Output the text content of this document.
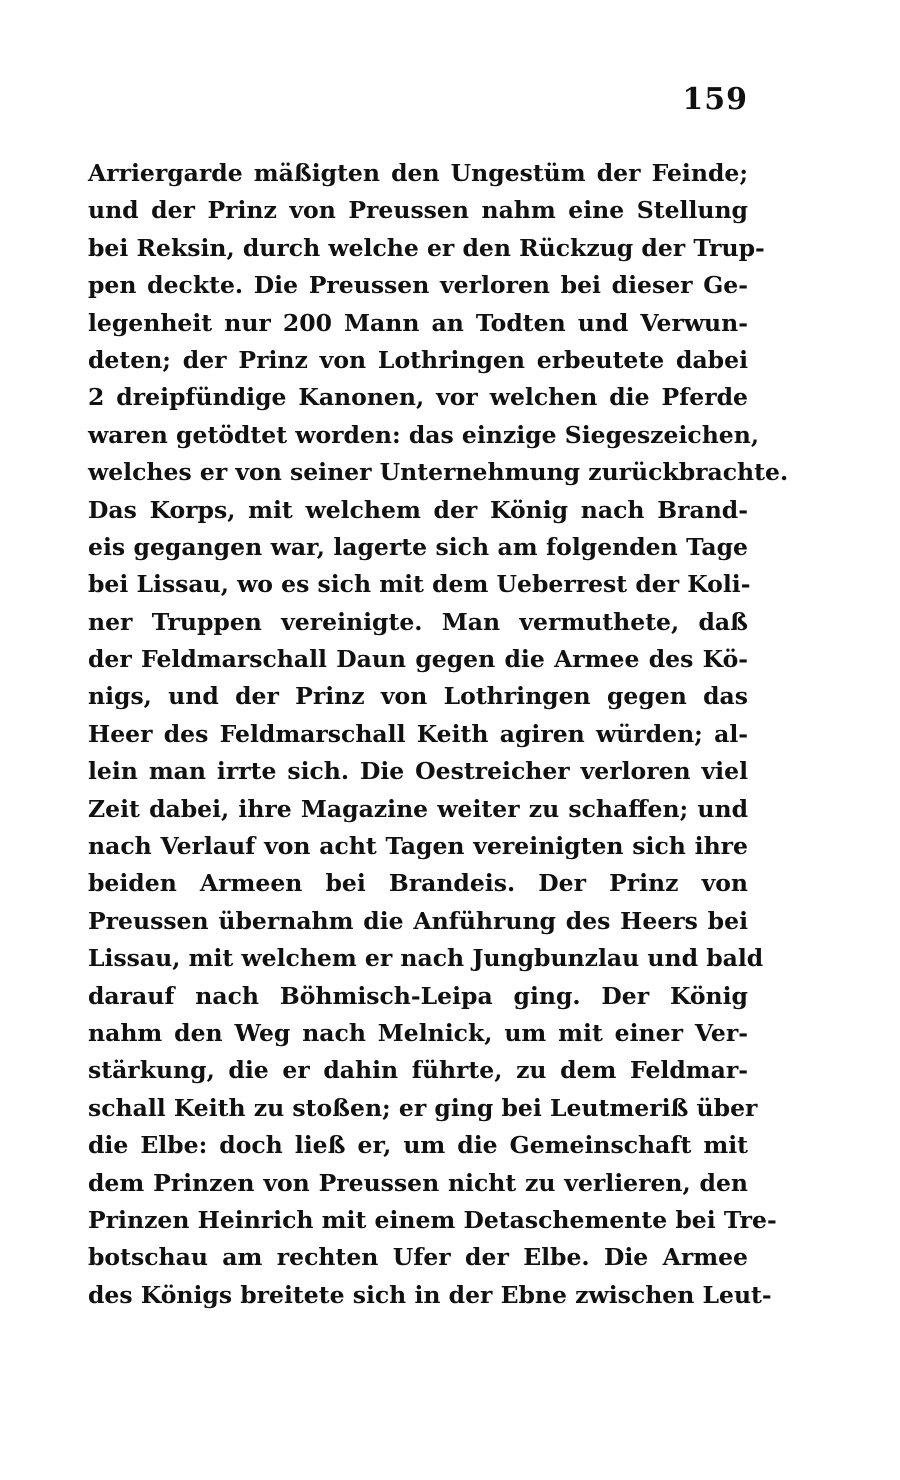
159
Arriergarde mäßigten den Ungestüm der Feinde;
und der Prinz von Preussen nahm eine Stellung
bei Reksin, durch welche er den Rückzug der Trup-
pen deckte. Die Preussen verloren bei dieser Ge-
legenheit nur 200 Mann an Todten und Verwun-
deten; der Prinz von Lothringen erbeutete dabei
2 dreipfündige Kanonen, vor welchen die Pferde
waren getödtet worden: das einzige Siegeszeichen,
welches er von seiner Unternehmung zurückbrachte.
Das Korps, mit welchem der König nach Brand-
eis gegangen war, lagerte sich am folgenden Tage
bei Lissau, wo es sich mit dem Ueberrest der Koli-
ner Truppen vereinigte. Man vermuthete, daß
der Feldmarschall Daun gegen die Armee des Kö-
nigs, und der Prinz von Lothringen gegen das
Heer des Feldmarschall Keith agiren würden; al-
lein man irrte sich. Die Oestreicher verloren viel
Zeit dabei, ihre Magazine weiter zu schaffen; und
nach Verlauf von acht Tagen vereinigten sich ihre
beiden Armeen bei Brandeis. Der Prinz von
Preussen übernahm die Anführung des Heers bei
Lissau, mit welchem er nach Jungbunzlau und bald
darauf nach Böhmisch-Leipa ging. Der König
nahm den Weg nach Melnick, um mit einer Ver-
stärkung, die er dahin führte, zu dem Feldmar-
schall Keith zu stoßen; er ging bei Leutmeriß über
die Elbe: doch ließ er, um die Gemeinschaft mit
dem Prinzen von Preussen nicht zu verlieren, den
Prinzen Heinrich mit einem Detaschemente bei Tre-
botschau am rechten Ufer der Elbe. Die Armee
des Königs breitete sich in der Ebne zwischen Leut-
